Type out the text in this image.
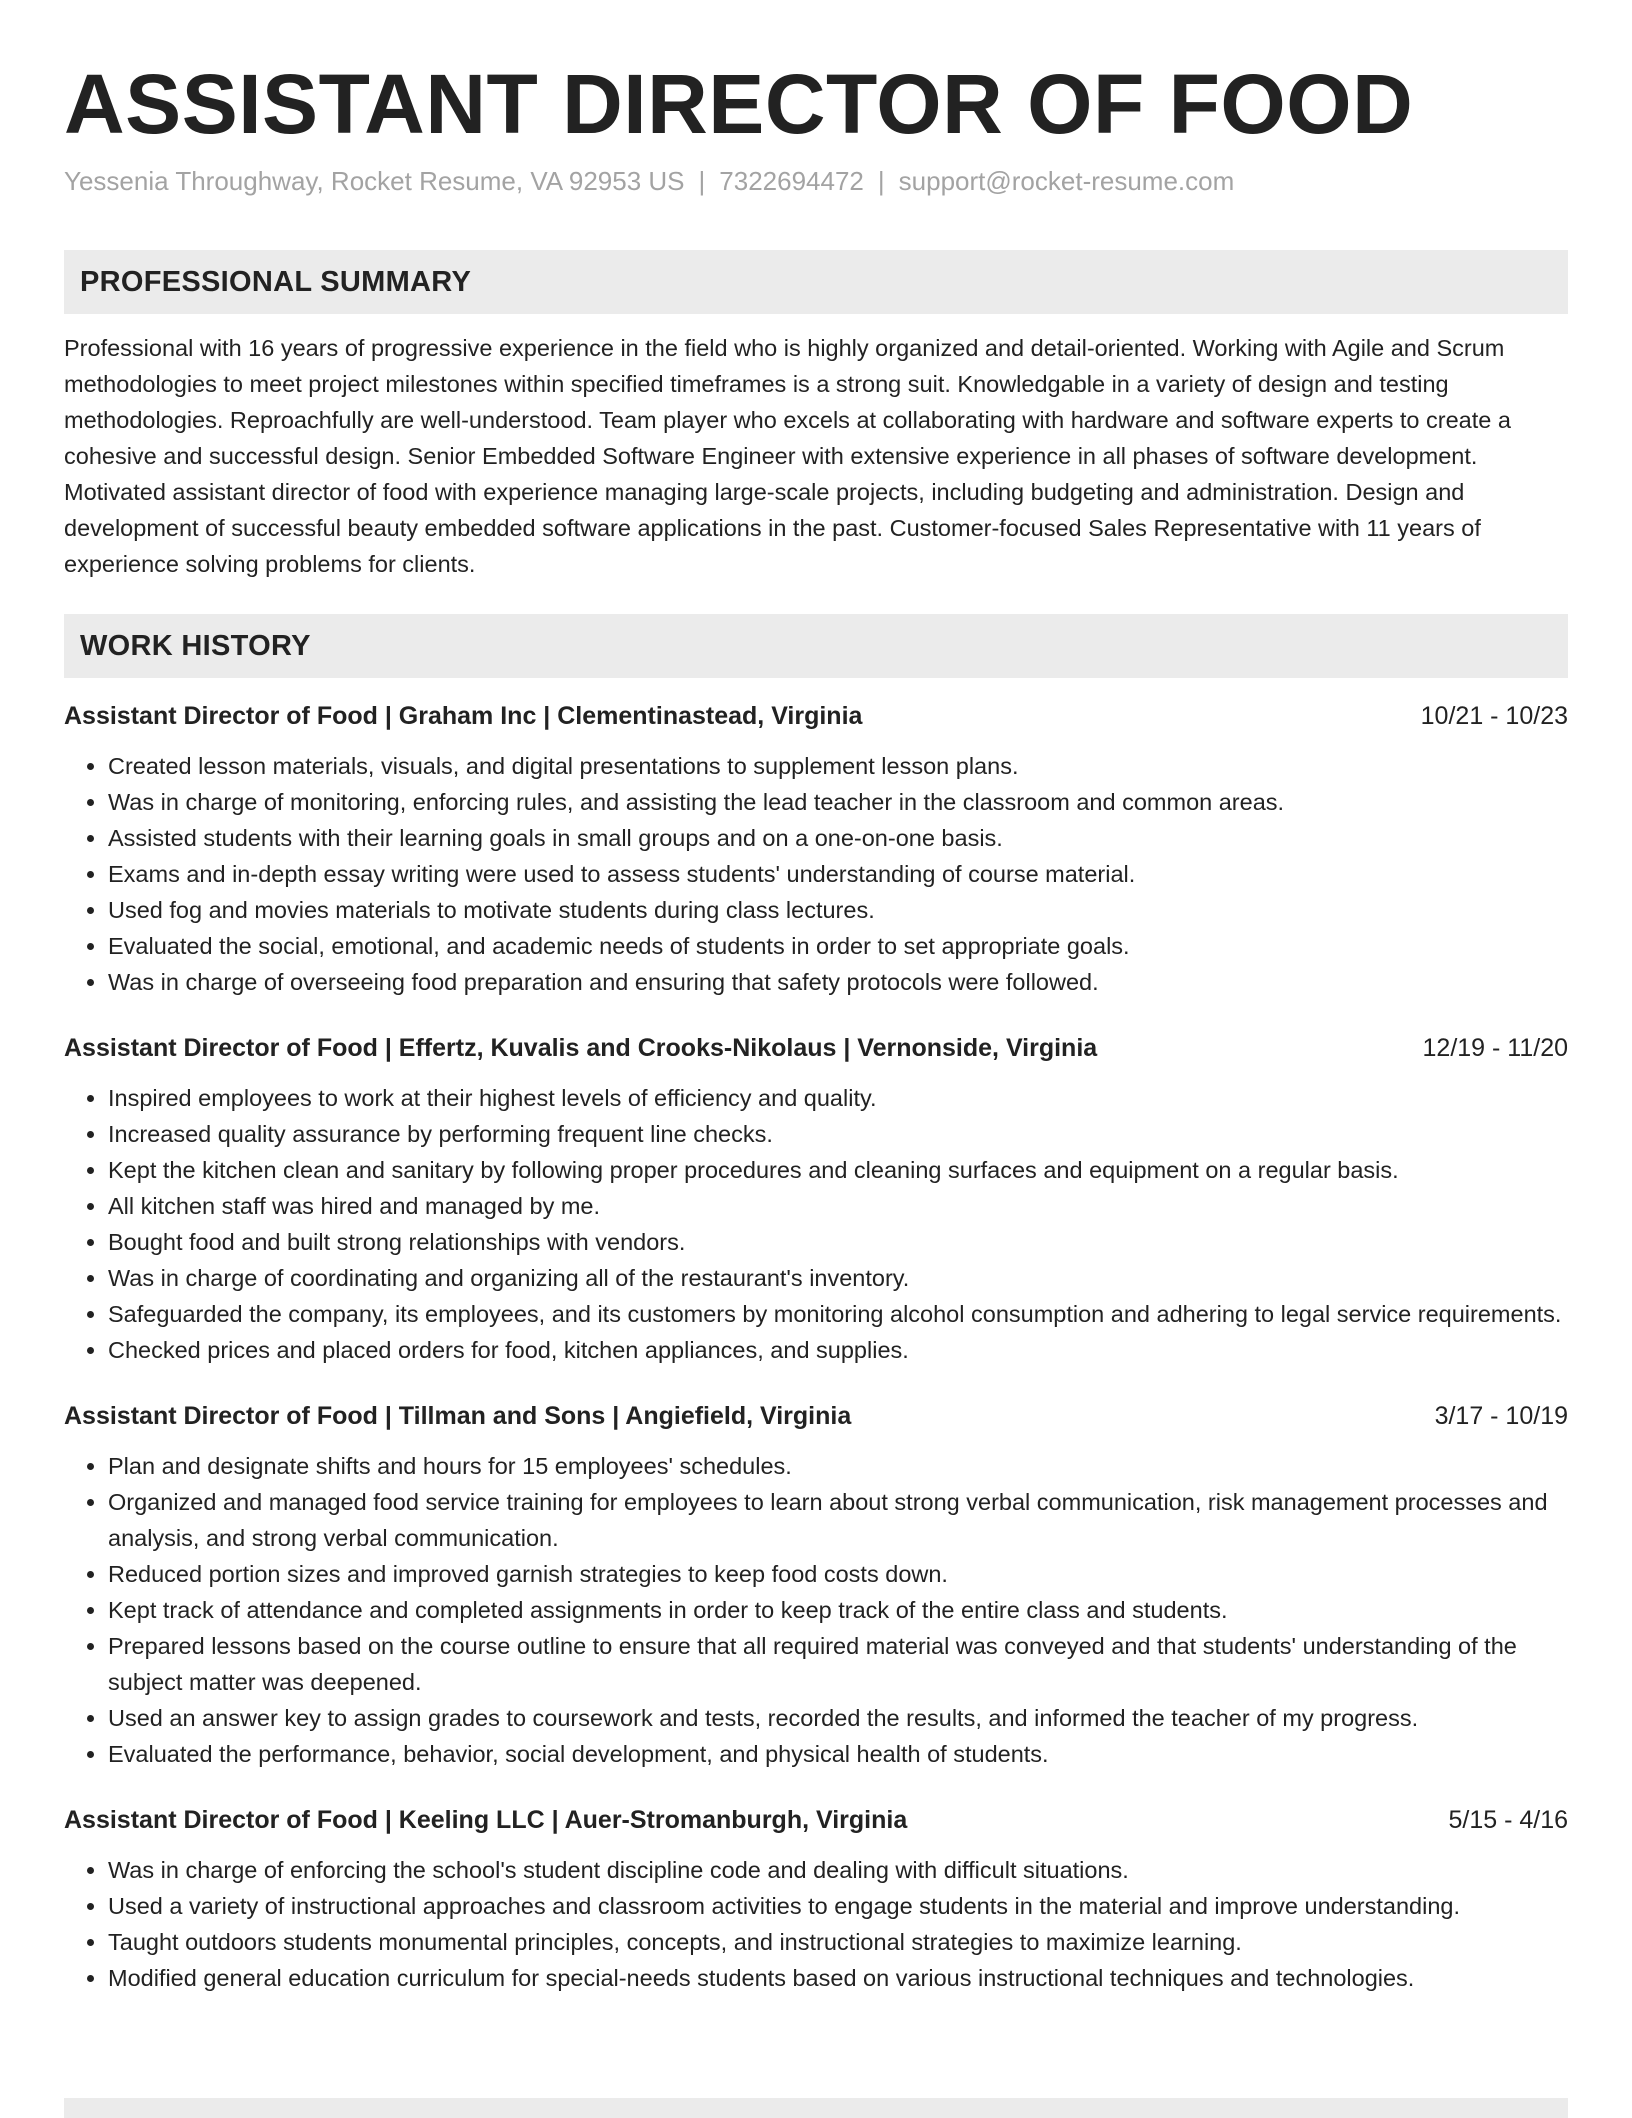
ASSISTANT DIRECTOR OF FOOD
Yessenia Throughway, Rocket Resume, VA 92953 US | 7322694472 | support@rocket-resume.com
PROFESSIONAL SUMMARY
Professional with 16 years of progressive experience in the field who is highly organized and detail-oriented. Working with Agile and Scrum methodologies to meet project milestones within specified timeframes is a strong suit. Knowledgable in a variety of design and testing methodologies. Reproachfully are well-understood. Team player who excels at collaborating with hardware and software experts to create a cohesive and successful design. Senior Embedded Software Engineer with extensive experience in all phases of software development. Motivated assistant director of food with experience managing large-scale projects, including budgeting and administration. Design and development of successful beauty embedded software applications in the past. Customer-focused Sales Representative with 11 years of experience solving problems for clients.
WORK HISTORY
Assistant Director of Food | Graham Inc | Clementinastead, Virginia	10/21 - 10/23
• Created lesson materials, visuals, and digital presentations to supplement lesson plans.
• Was in charge of monitoring, enforcing rules, and assisting the lead teacher in the classroom and common areas.
• Assisted students with their learning goals in small groups and on a one-on-one basis.
• Exams and in-depth essay writing were used to assess students' understanding of course material.
• Used fog and movies materials to motivate students during class lectures.
• Evaluated the social, emotional, and academic needs of students in order to set appropriate goals.
• Was in charge of overseeing food preparation and ensuring that safety protocols were followed.
Assistant Director of Food | Effertz, Kuvalis and Crooks-Nikolaus | Vernonside, Virginia	12/19 - 11/20
• Inspired employees to work at their highest levels of efficiency and quality.
• Increased quality assurance by performing frequent line checks.
• Kept the kitchen clean and sanitary by following proper procedures and cleaning surfaces and equipment on a regular basis.
• All kitchen staff was hired and managed by me.
• Bought food and built strong relationships with vendors.
• Was in charge of coordinating and organizing all of the restaurant's inventory.
• Safeguarded the company, its employees, and its customers by monitoring alcohol consumption and adhering to legal service requirements.
• Checked prices and placed orders for food, kitchen appliances, and supplies.
Assistant Director of Food | Tillman and Sons | Angiefield, Virginia	3/17 - 10/19
• Plan and designate shifts and hours for 15 employees' schedules.
• Organized and managed food service training for employees to learn about strong verbal communication, risk management processes and analysis, and strong verbal communication.
• Reduced portion sizes and improved garnish strategies to keep food costs down.
• Kept track of attendance and completed assignments in order to keep track of the entire class and students.
• Prepared lessons based on the course outline to ensure that all required material was conveyed and that students' understanding of the subject matter was deepened.
• Used an answer key to assign grades to coursework and tests, recorded the results, and informed the teacher of my progress.
• Evaluated the performance, behavior, social development, and physical health of students.
Assistant Director of Food | Keeling LLC | Auer-Stromanburgh, Virginia	5/15 - 4/16
• Was in charge of enforcing the school's student discipline code and dealing with difficult situations.
• Used a variety of instructional approaches and classroom activities to engage students in the material and improve understanding.
• Taught outdoors students monumental principles, concepts, and instructional strategies to maximize learning.
• Modified general education curriculum for special-needs students based on various instructional techniques and technologies.
